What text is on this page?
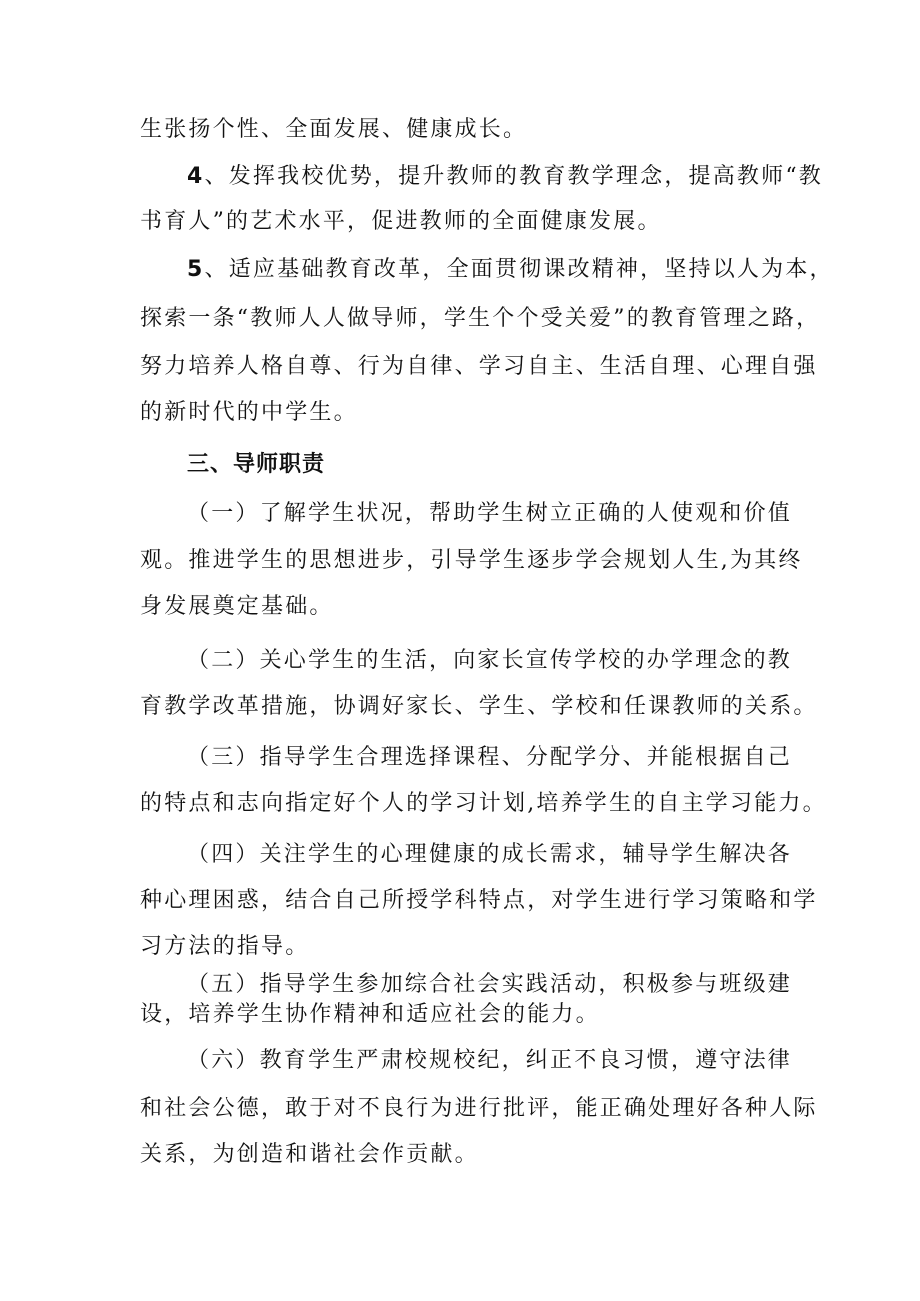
生张扬个性、全面发展、健康成长。
4、发挥我校优势，提升教师的教育教学理念，提高教师“教
书育人”的艺术水平，促进教师的全面健康发展。
5、适应基础教育改革，全面贯彻课改精神，坚持以人为本，
探索一条“教师人人做导师，学生个个受关爱”的教育管理之路，
努力培养人格自尊、行为自律、学习自主、生活自理、心理自强
的新时代的中学生。
三、导师职责
（一）了解学生状况，帮助学生树立正确的人使观和价值
观。推进学生的思想进步，引导学生逐步学会规划人生,为其终
身发展奠定基础。
（二）关心学生的生活，向家长宣传学校的办学理念的教
育教学改革措施，协调好家长、学生、学校和任课教师的关系。
（三）指导学生合理选择课程、分配学分、并能根据自己
的特点和志向指定好个人的学习计划,培养学生的自主学习能力。
（四）关注学生的心理健康的成长需求，辅导学生解决各
种心理困惑，结合自己所授学科特点，对学生进行学习策略和学
习方法的指导。
（五）指导学生参加综合社会实践活动，积极参与班级建
设，培养学生协作精神和适应社会的能力。
（六）教育学生严肃校规校纪，纠正不良习惯，遵守法律
和社会公德，敢于对不良行为进行批评，能正确处理好各种人际
关系，为创造和谐社会作贡献。
